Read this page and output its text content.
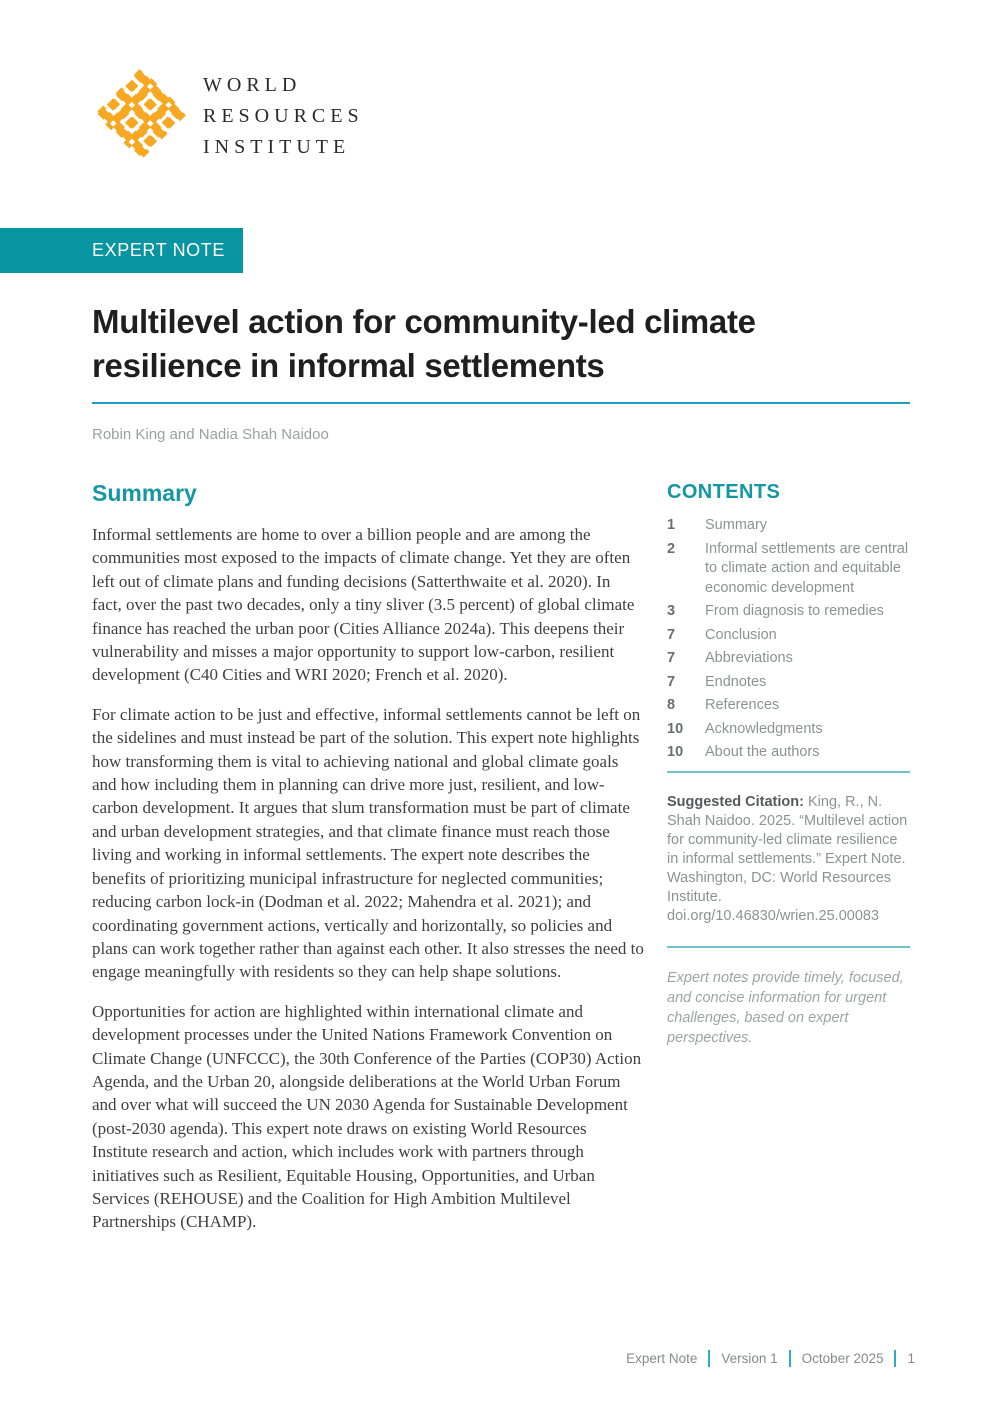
WORLD
RESOURCES
INSTITUTE
EXPERT NOTE
Multilevel action for community-led climate resilience in informal settlements
Robin King and Nadia Shah Naidoo
Summary

Informal settlements are home to over a billion people and are among the communities most exposed to the impacts of climate change. Yet they are often left out of climate plans and funding decisions (Satterthwaite et al. 2020). In fact, over the past two decades, only a tiny sliver (3.5 percent) of global climate finance has reached the urban poor (Cities Alliance 2024a). This deepens their vulnerability and misses a major opportunity to support low-carbon, resilient development (C40 Cities and WRI 2020; French et al. 2020).

For climate action to be just and effective, informal settlements cannot be left on the sidelines and must instead be part of the solution. This expert note highlights how transforming them is vital to achieving national and global climate goals and how including them in planning can drive more just, resilient, and low-carbon development. It argues that slum transformation must be part of climate and urban development strategies, and that climate finance must reach those living and working in informal settlements. The expert note describes the benefits of prioritizing municipal infrastructure for neglected communities; reducing carbon lock-in (Dodman et al. 2022; Mahendra et al. 2021); and coordinating government actions, vertically and horizontally, so policies and plans can work together rather than against each other. It also stresses the need to engage meaningfully with residents so they can help shape solutions.

Opportunities for action are highlighted within international climate and development processes under the United Nations Framework Convention on Climate Change (UNFCCC), the 30th Conference of the Parties (COP30) Action Agenda, and the Urban 20, alongside deliberations at the World Urban Forum and over what will succeed the UN 2030 Agenda for Sustainable Development (post-2030 agenda). This expert note draws on existing World Resources Institute research and action, which includes work with partners through initiatives such as Resilient, Equitable Housing, Opportunities, and Urban Services (REHOUSE) and the Coalition for High Ambition Multilevel Partnerships (CHAMP).

CONTENTS
1	Summary
2	Informal settlements are central to climate action and equitable economic development
3	From diagnosis to remedies
7	Conclusion
7	Abbreviations
7	Endnotes
8	References
10	Acknowledgments
10	About the authors

Suggested Citation: King, R., N. Shah Naidoo. 2025. “Multilevel action for community-led climate resilience in informal settlements.” Expert Note. Washington, DC: World Resources Institute. doi.org/10.46830/wrien.25.00083

Expert notes provide timely, focused, and concise information for urgent challenges, based on expert perspectives.

Expert Note Version 1 October 2025 1
